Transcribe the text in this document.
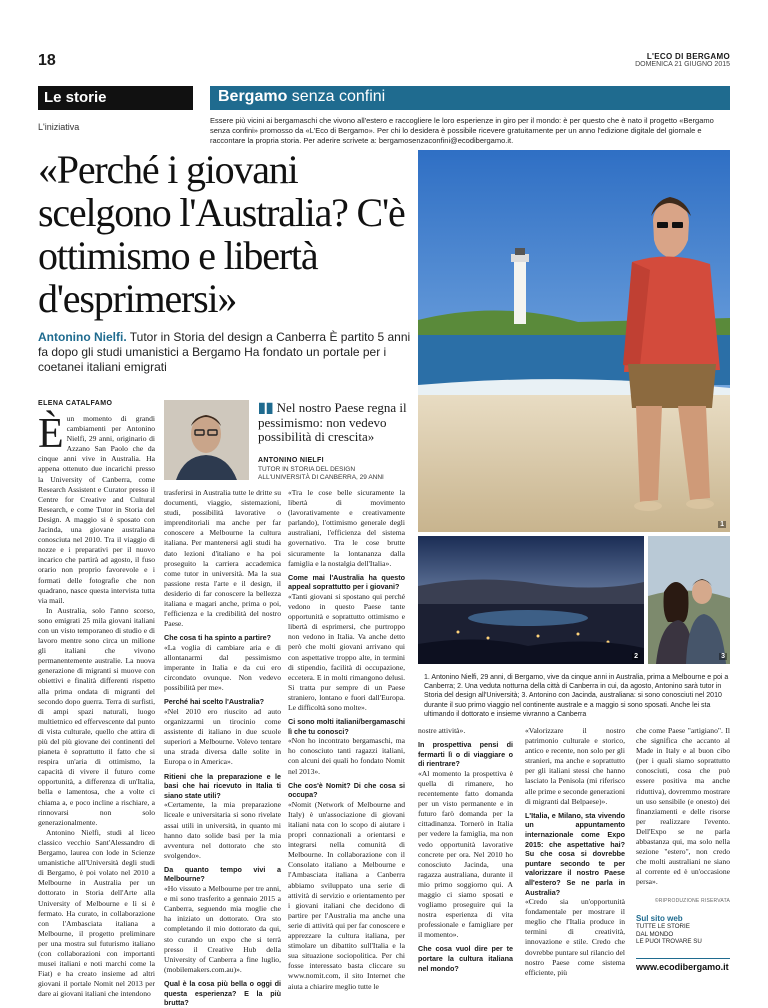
18	L'ECO DI BERGAMO
DOMENICA 21 GIUGNO 2015
Le storie	Bergamo senza confini
L'iniziativa
Essere più vicini ai bergamaschi che vivono all'estero e raccogliere le loro esperienze in giro per il mondo: è per questo che è nato il progetto «Bergamo senza confini» promosso da «L'Eco di Bergamo». Per chi lo desidera è possibile ricevere gratuitamente per un anno l'edizione digitale del giornale e raccontare la propria storia. Per aderire scrivete a: bergamosenzaconfini@ecodibergamo.it.
«Perché i giovani scelgono l'Australia? C'è ottimismo e libertà d'esprimersi»
Antonino Nielfi. Tutor in Storia del design a Canberra È partito 5 anni fa dopo gli studi umanistici a Bergamo Ha fondato un portale per i coetanei italiani emigrati
ELENA CATALFAMO

Èun momento di grandi cambiamenti per Antonino Nielfi, 29 anni, originario di Azzano San Paolo che da cinque anni vive in Australia. Ha appena ottenuto due incarichi presso la University of Canberra, come Research Assistent e Curator presso il Centre for Creative and Cultural Research, e come Tutor in Storia del Design. A maggio si è sposato con Jacinda, una giovane australiana conosciuta nel 2010. Tra il viaggio di nozze e i preparativi per il nuovo incarico che partirà ad agosto, il fuso orario non proprio favorevole e i formati delle fotografie che non quadrano, nasce questa intervista tutta via mail.

In Australia, solo l'anno scorso, sono emigrati 25 mila giovani italiani con un visto temporaneo di studio e di lavoro mentre sono circa un milione gli italiani che vivono permanentemente australie. La nuova generazione di migranti si muove con obiettivi e finalità differenti rispetto alla prima ondata di migranti del secondo dopo guerra. Terra di surfisti, di ampi spazi naturali, luogo multietnico ed effervescente dal punto di vista culturale, quello che attira di più del più giovane dei continenti del pianeta è soprattutto il fatto che si respira un'aria di ottimismo, la capacità di vivere il futuro come opportunità, a differenza di un'Italia, bella e lamentosa, che a volte ci chiama a, e poco incline a rischiare, a rinnovarsi non solo generazionalmente.

Antonino Nielfi, studi al liceo classico vecchio Sant'Alessandro di Bergamo, laurea con lode in Scienze umanistiche all'Università degli studi di Bergamo, è poi volato nel 2010 a Melbourne in Australia per un dottorato in Storia dell'Arte alla University of Melbourne e lì si è fermato. Ha curato, in collaborazione con l'Ambasciata italiana a Melbourne, il progetto preliminare per una mostra sul futurismo italiano (con collaborazioni con importanti musei italiani e noti marchi come la Fiat) e ha creato insieme ad altri giovani il portale Nomit nel 2013 per dare ai giovani italiani che intendono

▮▮ Nel nostro Paese regna il pessimismo: non vedevo possibilità di crescita»
ANTONINO NIELFI
TUTOR IN STORIA DEL DESIGN ALL'UNIVERSITÀ DI CANBERRA, 29 ANNI

trasferirsi in Australia tutte le dritte su documenti, viaggio, sistemazioni, studi, possibilità lavorative o imprenditoriali ma anche per far conoscere a Melbourne la cultura italiana. Per mantenersi agli studi ha dato lezioni d'italiano e ha poi proseguito la carriera accademica come tutor in università. Ma la sua passione resta l'arte e il design, il desiderio di far conoscere la bellezza italiana e magari anche, prima o poi, l'efficienza e la credibilità del nostro Paese.

Che cosa ti ha spinto a partire?

«La voglia di cambiare aria e di allontanarmi dal pessimismo imperante in Italia e da cui ero circondato ovunque. Non vedevo possibilità per me».

Perché hai scelto l'Australia?

«Nel 2010 ero riuscito ad auto organizzarmi un tirocinio come assistente di italiano in due scuole superiori a Melbourne. Volevo tentare una strada diversa dalle solite in Europa o in America».

Ritieni che la preparazione e le basi che hai ricevuto in Italia ti siano state utili?

«Certamente, la mia preparazione liceale e universitaria si sono rivelate assai utili in università, in quanto mi hanno dato solide basi per la mia avventura nel dottorato che sto svolgendo».

Da quanto tempo vivi a Melbourne?

«Ho vissuto a Melbourne per tre anni, e mi sono trasferito a gennaio 2015 a Canberra, seguendo mia moglie che ha iniziato un dottorato. Ora sto completando il mio dottorato da qui, sto curando un expo che si terrà presso il Creative Hub della University of Canberra a fine luglio, (mobilemakers.com.au)».

Qual è la cosa più bella o oggi di questa esperienza? E la più brutta?

«Tra le cose belle sicuramente la libertà di movimento (lavorativamente e creativamente parlando), l'ottimismo generale degli australiani, l'efficienza del sistema governativo. Tra le cose brutte sicuramente la lontananza dalla famiglia e la nostalgia dell'Italia».

Come mai l'Australia ha questo appeal soprattutto per i giovani?

«Tanti giovani si spostano qui perché vedono in questo Paese tante opportunità e soprattutto ottimismo e libertà di esprimersi, che purtroppo non vedono in Italia. Va anche detto però che molti giovani arrivano qui con aspettative troppo alte, in termini di stipendio, facilità di occupazione, eccetera. E in molti rimangono delusi. Si tratta pur sempre di un Paese straniero, lontano e fuori dall'Europa. Le difficoltà sono molte».

Ci sono molti italiani/bergamaschi lì che tu conosci?

«Non ho incontrato bergamaschi, ma ho conosciuto tanti ragazzi italiani, con alcuni dei quali ho fondato Nomit nel 2013».

Che cos'è Nomit? Di che cosa si occupa?

«Nomit (Network of Melbourne and Italy) è un'associazione di giovani italiani nata con lo scopo di aiutare i propri connazionali a orientarsi e integrarsi nella comunità di Melbourne. In collaborazione con il Consolato italiano a Melbourne e l'Ambasciata italiana a Canberra abbiamo sviluppato una serie di attività di servizio e orientamento per i giovani italiani che decidono di partire per l'Australia ma anche una serie di attività qui per far conoscere e apprezzare la cultura italiana, per stimolare un dibattito sull'Italia e la sua situazione sociopolitica. Per chi fosse interessato basta cliccare su www.nomit.com, il sito Internet che aiuta a chiarire meglio tutte le

1
2	3
1. Antonino Nielfi, 29 anni, di Bergamo, vive da cinque anni in Australia, prima a Melbourne e poi a Canberra; 2. Una veduta notturna della città di Canberra in cui, da agosto, Antonino sarà tutor in Storia del design all'Università; 3. Antonino con Jacinda, australiana: si sono conosciuti nel 2010 durante il suo primo viaggio nel continente australe e a maggio si sono sposati. Anche lei sta ultimando il dottorato e insieme vivranno a Canberra

nostre attività».

In prospettiva pensi di fermarti lì o di viaggiare o di rientrare?

«Al momento la prospettiva è quella di rimanere, ho recentemente fatto domanda per un visto permanente e in futuro farò domanda per la cittadinanza. Tornerò in Italia per vedere la famiglia, ma non vedo opportunità lavorative concrete per ora. Nel 2010 ho conosciuto Jacinda, una ragazza australiana, durante il mio primo soggiorno qui. A maggio ci siamo sposati e vogliamo proseguire qui la nostra esperienza di vita professionale e famigliare per il momento».

Che cosa vuol dire per te portare la cultura italiana nel mondo?

«Valorizzare il nostro patrimonio culturale e storico, antico e recente, non solo per gli stranieri, ma anche e soprattutto per gli italiani stessi che hanno lasciato la Penisola (mi riferisco alle prime e seconde generazioni di migranti dal Belpaese)».

L'Italia, e Milano, sta vivendo un appuntamento internazionale come Expo 2015: che aspettative hai? Su che cosa si dovrebbe puntare secondo te per valorizzare il nostro Paese all'estero? Se ne parla in Australia?

«Credo sia un'opportunità fondamentale per mostrare il meglio che l'Italia produce in termini di creatività, innovazione e stile. Credo che dovrebbe puntare sul rilancio del nostro Paese come sistema efficiente, più

che come Paese "artigiano". Il che significa che accanto al Made in Italy e al buon cibo (per i quali siamo soprattutto conosciuti, cosa che può essere positiva ma anche riduttiva), dovremmo mostrare un uso sensibile (e onesto) dei finanziamenti e delle risorse per realizzare l'evento. Dell'Expo se ne parla abbastanza qui, ma solo nella sezione "estero", non credo che molti australiani ne siano al corrente ed è un'occasione persa».

©RIPRODUZIONE RISERVATA
Sul sito web
TUTTE LE STORIE
DAL MONDO
LE PUOI TROVARE SU
www.ecodibergamo.it
